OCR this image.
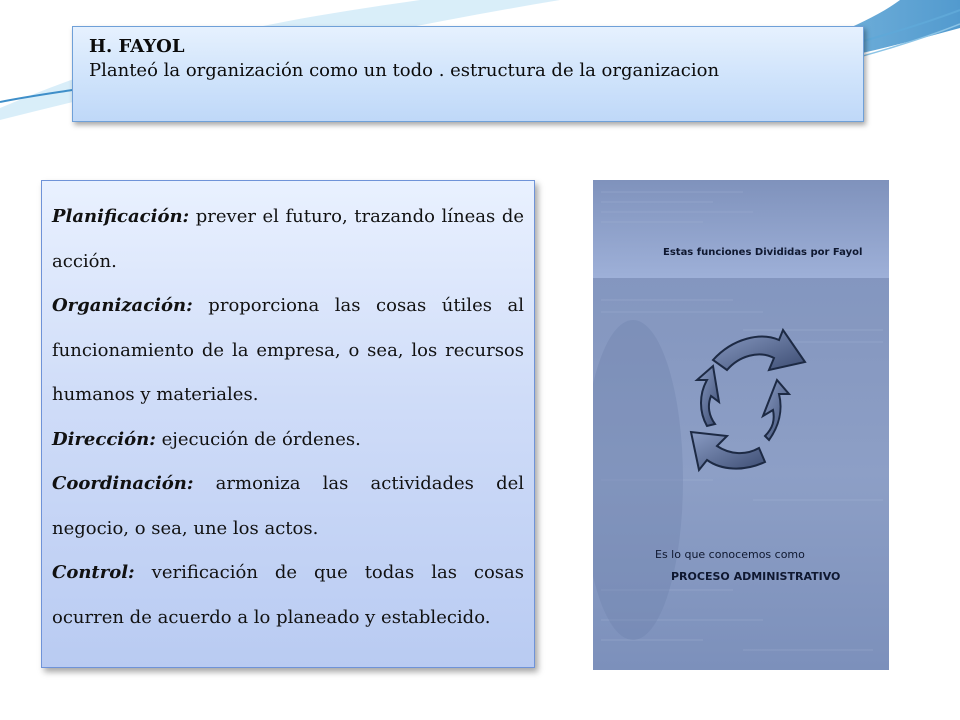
H. FAYOL
Planteó la organización como un todo . estructura de la organizacion

Planificación: prever el futuro, trazando líneas de acción.

Organización: proporciona las cosas útiles al funcionamiento de la empresa, o sea, los recursos humanos y materiales.

Dirección: ejecución de órdenes.

Coordinación: armoniza las actividades del negocio, o sea, une los actos.

Control: verificación de que todas las cosas ocurren de acuerdo a lo planeado y establecido.

Estas funciones Divididas por Fayol
Es lo que conocemos como
PROCESO ADMINISTRATIVO
